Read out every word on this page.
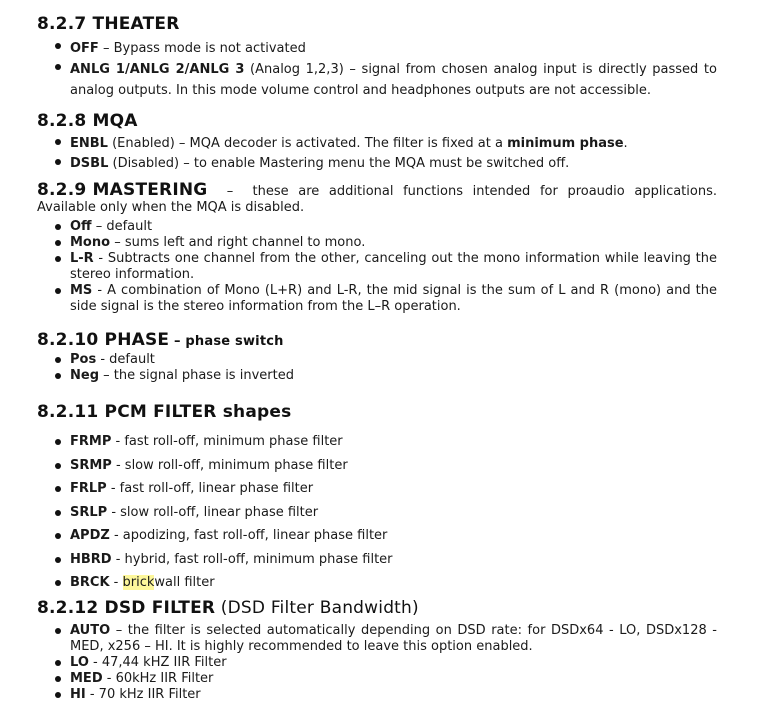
8.2.7 THEATER
OFF – Bypass mode is not activated
ANLG 1/ANLG 2/ANLG 3 (Analog 1,2,3) – signal from chosen analog input is directly passed to analog outputs. In this mode volume control and headphones outputs are not accessible.
8.2.8 MQA
ENBL (Enabled) – MQA decoder is activated. The filter is fixed at a minimum phase.
DSBL (Disabled) – to enable Mastering menu the MQA must be switched off.
8.2.9 MASTERING –  these are additional functions intended for proaudio applications.
Available only when the MQA is disabled.
Off – default
Mono – sums left and right channel to mono.
L-R - Subtracts one channel from the other, canceling out the mono information while leaving the stereo information.
MS - A combination of Mono (L+R) and L-R, the mid signal is the sum of L and R (mono) and the side signal is the stereo information from the L–R operation.
8.2.10 PHASE – phase switch
Pos - default
Neg – the signal phase is inverted
8.2.11 PCM FILTER shapes
FRMP - fast roll-off, minimum phase filter
SRMP - slow roll-off, minimum phase filter
FRLP - fast roll-off, linear phase filter
SRLP - slow roll-off, linear phase filter
APDZ - apodizing, fast roll-off, linear phase filter
HBRD - hybrid, fast roll-off, minimum phase filter
BRCK - brickwall filter
8.2.12 DSD FILTER (DSD Filter Bandwidth)
AUTO – the filter is selected automatically depending on DSD rate: for DSDx64 - LO, DSDx128 - MED, x256 – HI. It is highly recommended to leave this option enabled.
LO - 47,44 kHZ IIR Filter
MED - 60kHz IIR Filter
HI - 70 kHz IIR Filter
